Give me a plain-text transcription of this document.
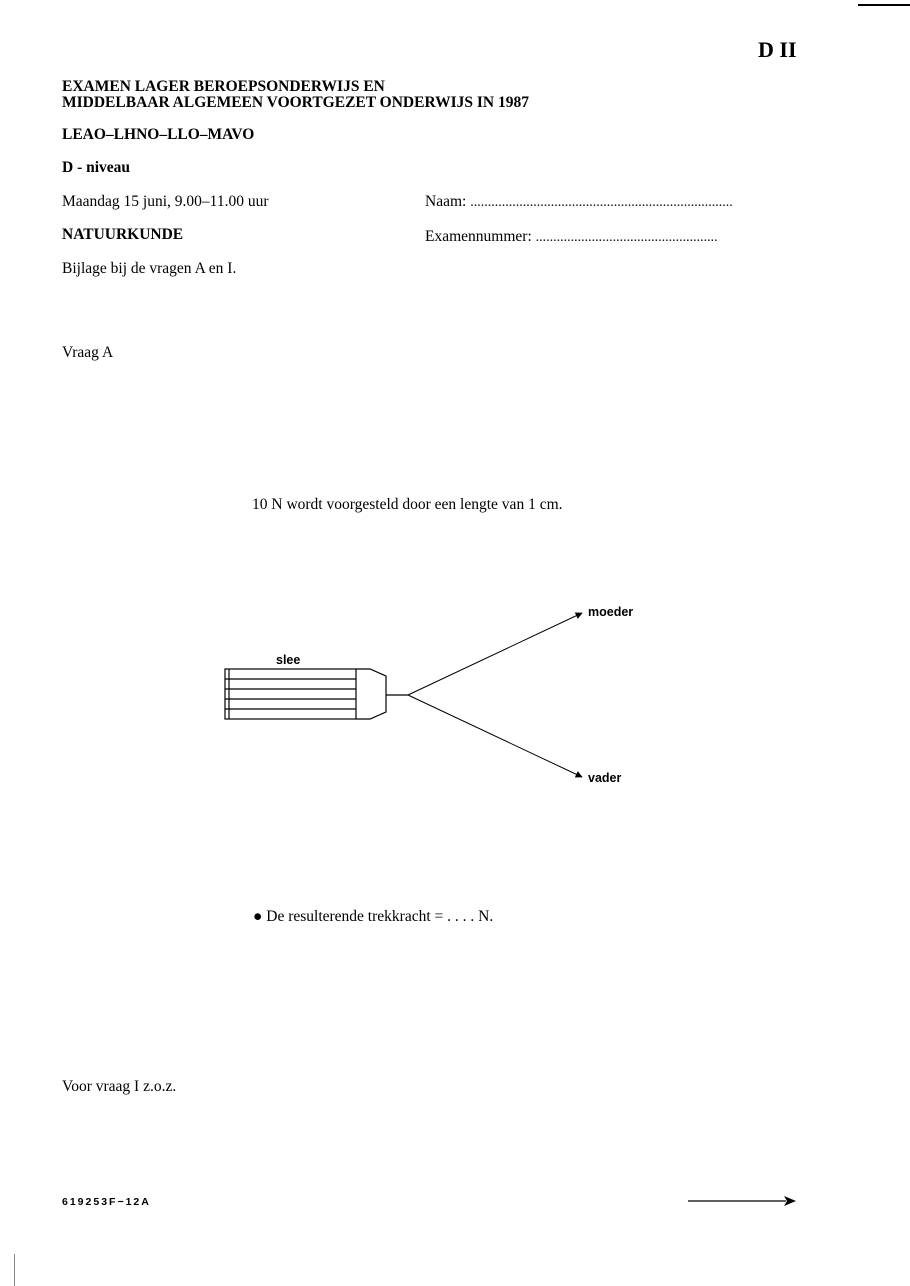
D II
EXAMEN LAGER BEROEPSONDERWIJS EN
MIDDELBAAR ALGEMEEN VOORTGEZET ONDERWIJS IN 1987
LEAO–LHNO–LLO–MAVO
D - niveau
Maandag 15 juni, 9.00–11.00 uur
NATUURKUNDE
Bijlage bij de vragen A en I.
Naam: ...........................................................................
Examennummer: ....................................................
Vraag A
10 N wordt voorgesteld door een lengte van 1 cm.
slee
moeder
vader
● De resulterende trekkracht = . . . . N.
Voor vraag I z.o.z.
619253F−12A
